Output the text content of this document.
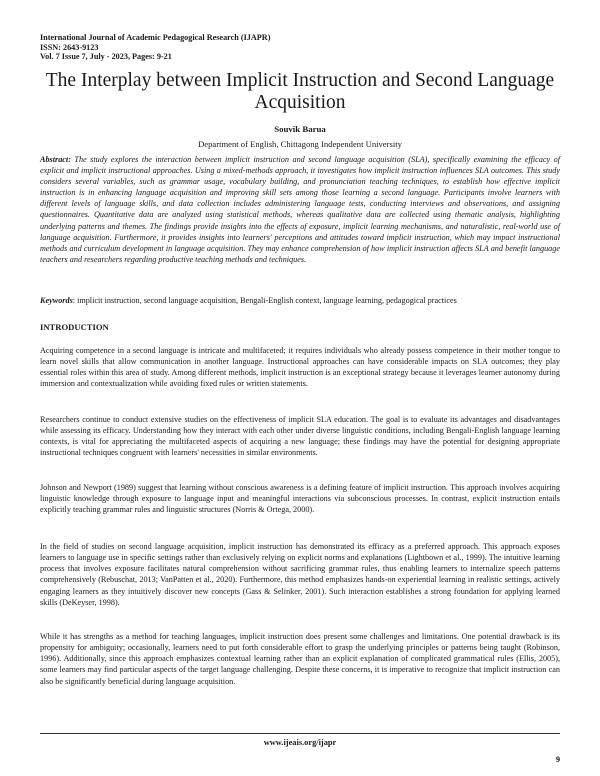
International Journal of Academic Pedagogical Research (IJAPR)
ISSN: 2643-9123
Vol. 7 Issue 7, July - 2023, Pages: 9-21
The Interplay between Implicit Instruction and Second Language Acquisition
Souvik Barua
Department of English, Chittagong Independent University

Abstract: The study explores the interaction between implicit instruction and second language acquisition (SLA), specifically examining the efficacy of explicit and implicit instructional approaches. Using a mixed-methods approach, it investigates how implicit instruction influences SLA outcomes. This study considers several variables, such as grammar usage, vocabulary building, and pronunciation teaching techniques, to establish how effective implicit instruction is in enhancing language acquisition and improving skill sets among those learning a second language. Participants involve learners with different levels of language skills, and data collection includes administering language tests, conducting interviews and observations, and assigning questionnaires. Quantitative data are analyzed using statistical methods, whereas qualitative data are collected using thematic analysis, highlighting underlying patterns and themes. The findings provide insights into the effects of exposure, implicit learning mechanisms, and naturalistic, real-world use of language acquisition. Furthermore, it provides insights into learners' perceptions and attitudes toward implicit instruction, which may impact instructional methods and curriculum development in language acquisition. They may enhance comprehension of how implicit instruction affects SLA and benefit language teachers and researchers regarding productive teaching methods and techniques.

Keywords: implicit instruction, second language acquisition, Bengali-English context, language learning, pedagogical practices

INTRODUCTION

Acquiring competence in a second language is intricate and multifaceted; it requires individuals who already possess competence in their mother tongue to learn novel skills that allow communication in another language. Instructional approaches can have considerable impacts on SLA outcomes; they play essential roles within this area of study. Among different methods, implicit instruction is an exceptional strategy because it leverages learner autonomy during immersion and contextualization while avoiding fixed rules or written statements.

Researchers continue to conduct extensive studies on the effectiveness of implicit SLA education. The goal is to evaluate its advantages and disadvantages while assessing its efficacy. Understanding how they interact with each other under diverse linguistic conditions, including Bengali-English language learning contexts, is vital for appreciating the multifaceted aspects of acquiring a new language; these findings may have the potential for designing appropriate instructional techniques congruent with learners' necessities in similar environments.

Johnson and Newport (1989) suggest that learning without conscious awareness is a defining feature of implicit instruction. This approach involves acquiring linguistic knowledge through exposure to language input and meaningful interactions via subconscious processes. In contrast, explicit instruction entails explicitly teaching grammar rules and linguistic structures (Norris & Ortega, 2000).

In the field of studies on second language acquisition, implicit instruction has demonstrated its efficacy as a preferred approach. This approach exposes learners to language use in specific settings rather than exclusively relying on explicit norms and explanations (Lightbown et al., 1999). The intuitive learning process that involves exposure facilitates natural comprehension without sacrificing grammar rules, thus enabling learners to internalize speech patterns comprehensively (Rebuschat, 2013; VanPatten et al., 2020). Furthermore, this method emphasizes hands-on experiential learning in realistic settings, actively engaging learners as they intuitively discover new concepts (Gass & Selinker, 2001). Such interaction establishes a strong foundation for applying learned skills (DeKeyser, 1998).

While it has strengths as a method for teaching languages, implicit instruction does present some challenges and limitations. One potential drawback is its propensity for ambiguity; occasionally, learners need to put forth considerable effort to grasp the underlying principles or patterns being taught (Robinson, 1996). Additionally, since this approach emphasizes contextual learning rather than an explicit explanation of complicated grammatical rules (Ellis, 2005), some learners may find particular aspects of the target language challenging. Despite these concerns, it is imperative to recognize that implicit instruction can also be significantly beneficial during language acquisition.

www.ijeais.org/ijapr
9
